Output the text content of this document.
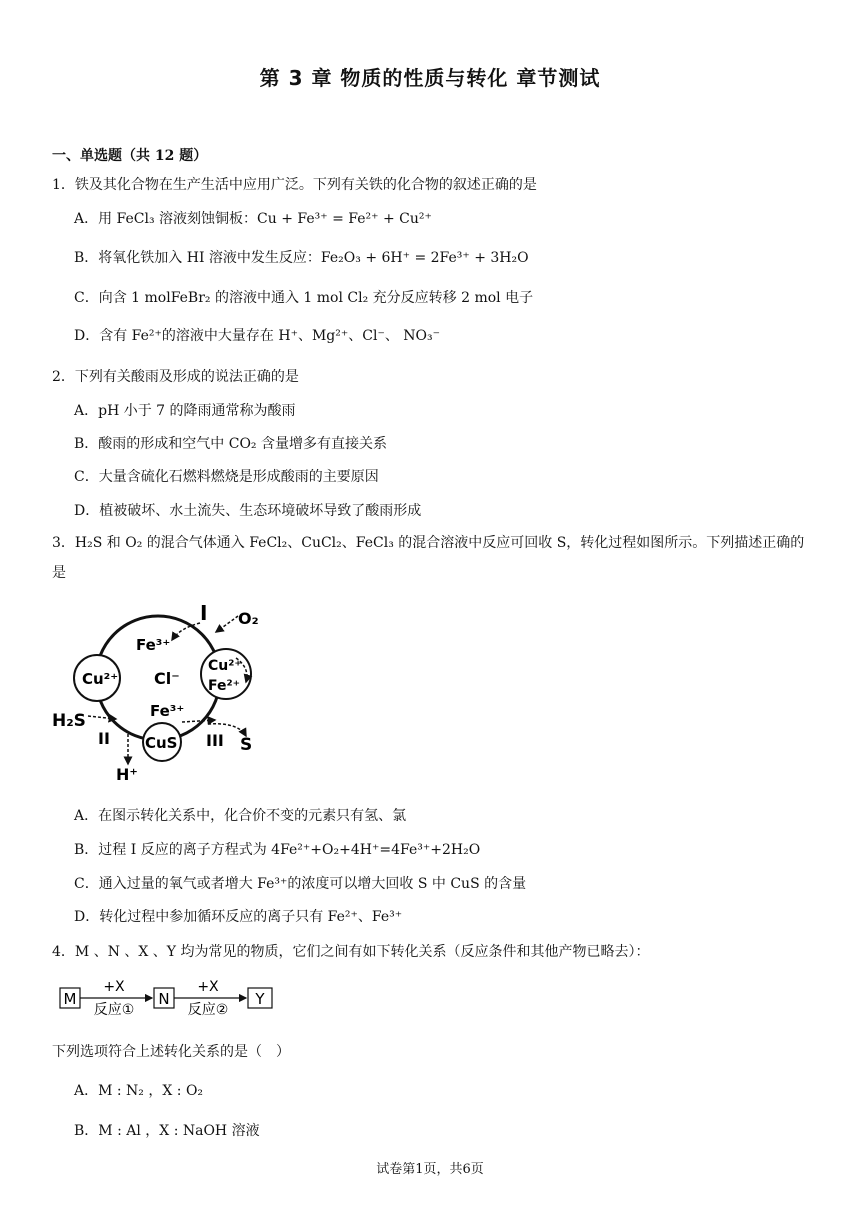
第 3 章 物质的性质与转化 章节测试
一、单选题（共 12 题）
1．铁及其化合物在生产生活中应用广泛。下列有关铁的化合物的叙述正确的是
A．用 FeCl₃ 溶液刻蚀铜板：Cu + Fe³⁺ = Fe²⁺ + Cu²⁺
B．将氧化铁加入 HI 溶液中发生反应：Fe₂O₃ + 6H⁺ = 2Fe³⁺ + 3H₂O
C．向含 1 molFeBr₂ 的溶液中通入 1 mol Cl₂ 充分反应转移 2 mol 电子
D．含有 Fe²⁺的溶液中大量存在 H⁺、Mg²⁺、Cl⁻、 NO₃⁻
2．下列有关酸雨及形成的说法正确的是
A．pH 小于 7 的降雨通常称为酸雨
B．酸雨的形成和空气中 CO₂ 含量增多有直接关系
C．大量含硫化石燃料燃烧是形成酸雨的主要原因
D．植被破坏、水土流失、生态环境破坏导致了酸雨形成
3．H₂S 和 O₂ 的混合气体通入 FeCl₂、CuCl₂、FeCl₃ 的混合溶液中反应可回收 S，转化过程如图所示。下列描述正确的是
I O₂
Fe³⁺
Cl⁻
Cu²⁺
Cu²⁺
Fe²⁺
Fe³⁺
H₂S
CuS
II	III S
H⁺
A．在图示转化关系中，化合价不变的元素只有氢、氯
B．过程 I 反应的离子方程式为 4Fe²⁺+O₂+4H⁺=4Fe³⁺+2H₂O
C．通入过量的氧气或者增大 Fe³⁺的浓度可以增大回收 S 中 CuS 的含量
D．转化过程中参加循环反应的离子只有 Fe²⁺、Fe³⁺
4．M 、N 、X 、Y 均为常见的物质，它们之间有如下转化关系（反应条件和其他产物已略去）：
M	N	Y
+X	+X
反应①	反应②
下列选项符合上述转化关系的是（　）
A．M : N₂ ，X : O₂
B．M : Al ，X : NaOH 溶液
试卷第1页，共6页
